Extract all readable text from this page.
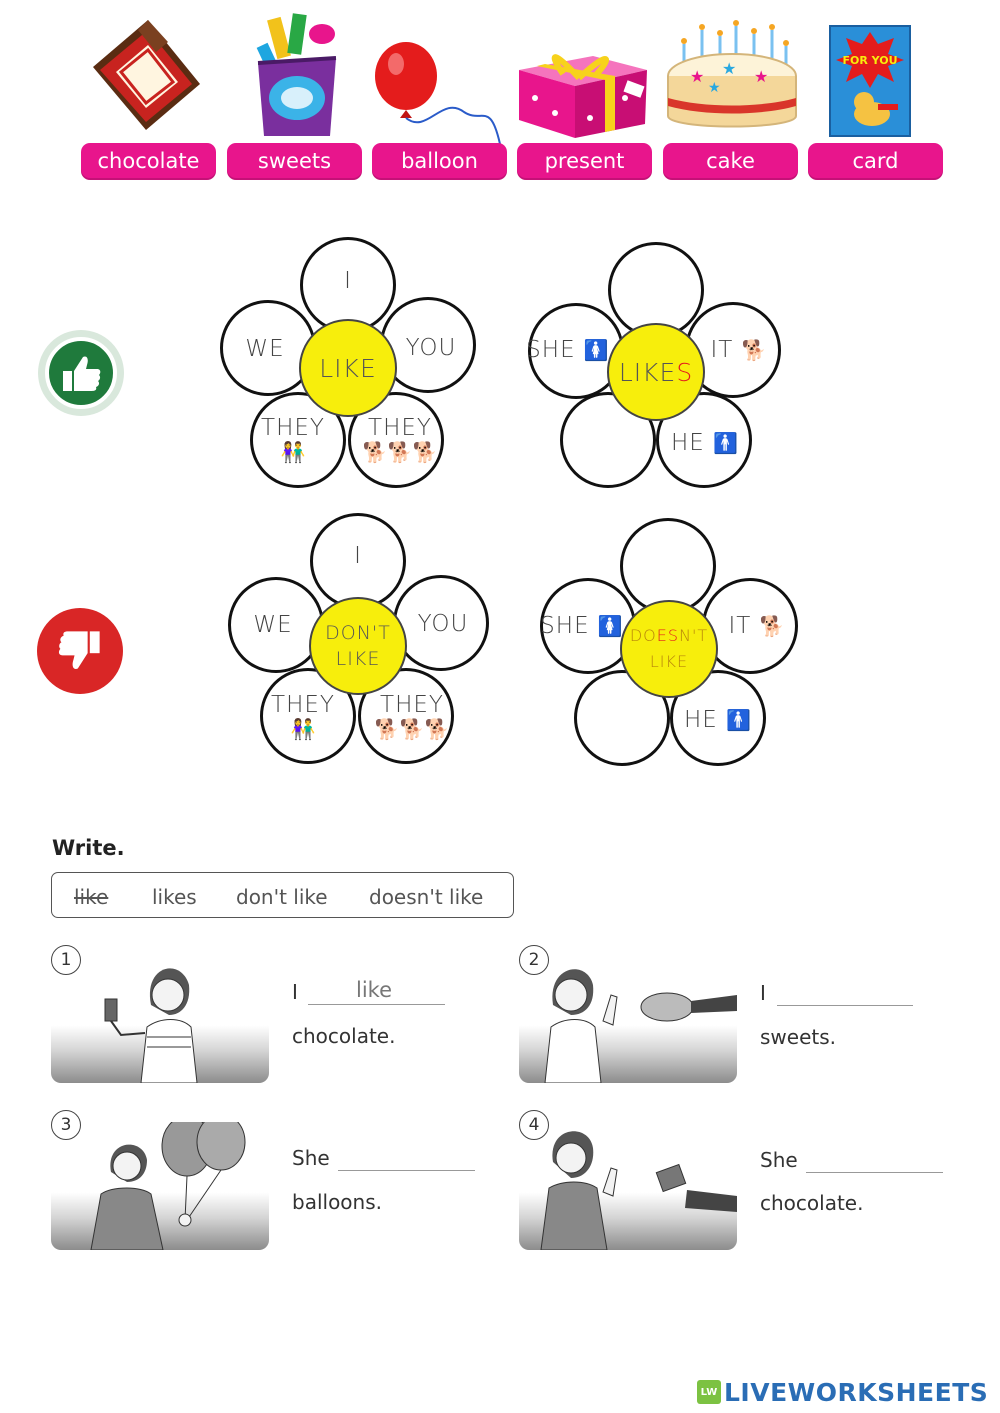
★ ★ ★
★
FOR YOU
chocolate	sweets	balloon	present	cake	card
LIKE
I
WE	YOU
THEY
👫
THEY
🐕🐕🐕
LIKES
SHE 🚺	IT 🐕
HE 🚹
DON'T
LIKE
I
WE	YOU
THEY
👫
THEY
🐕🐕🐕
DOESN'T
LIKE
SHE 🚺	IT 🐕
HE 🚹
Write.
like likes don't like doesn't like
1
I	like
chocolate.
2
I
sweets.
3
She
balloons.
4
She
chocolate.
LW LIVEWORKSHEETS
